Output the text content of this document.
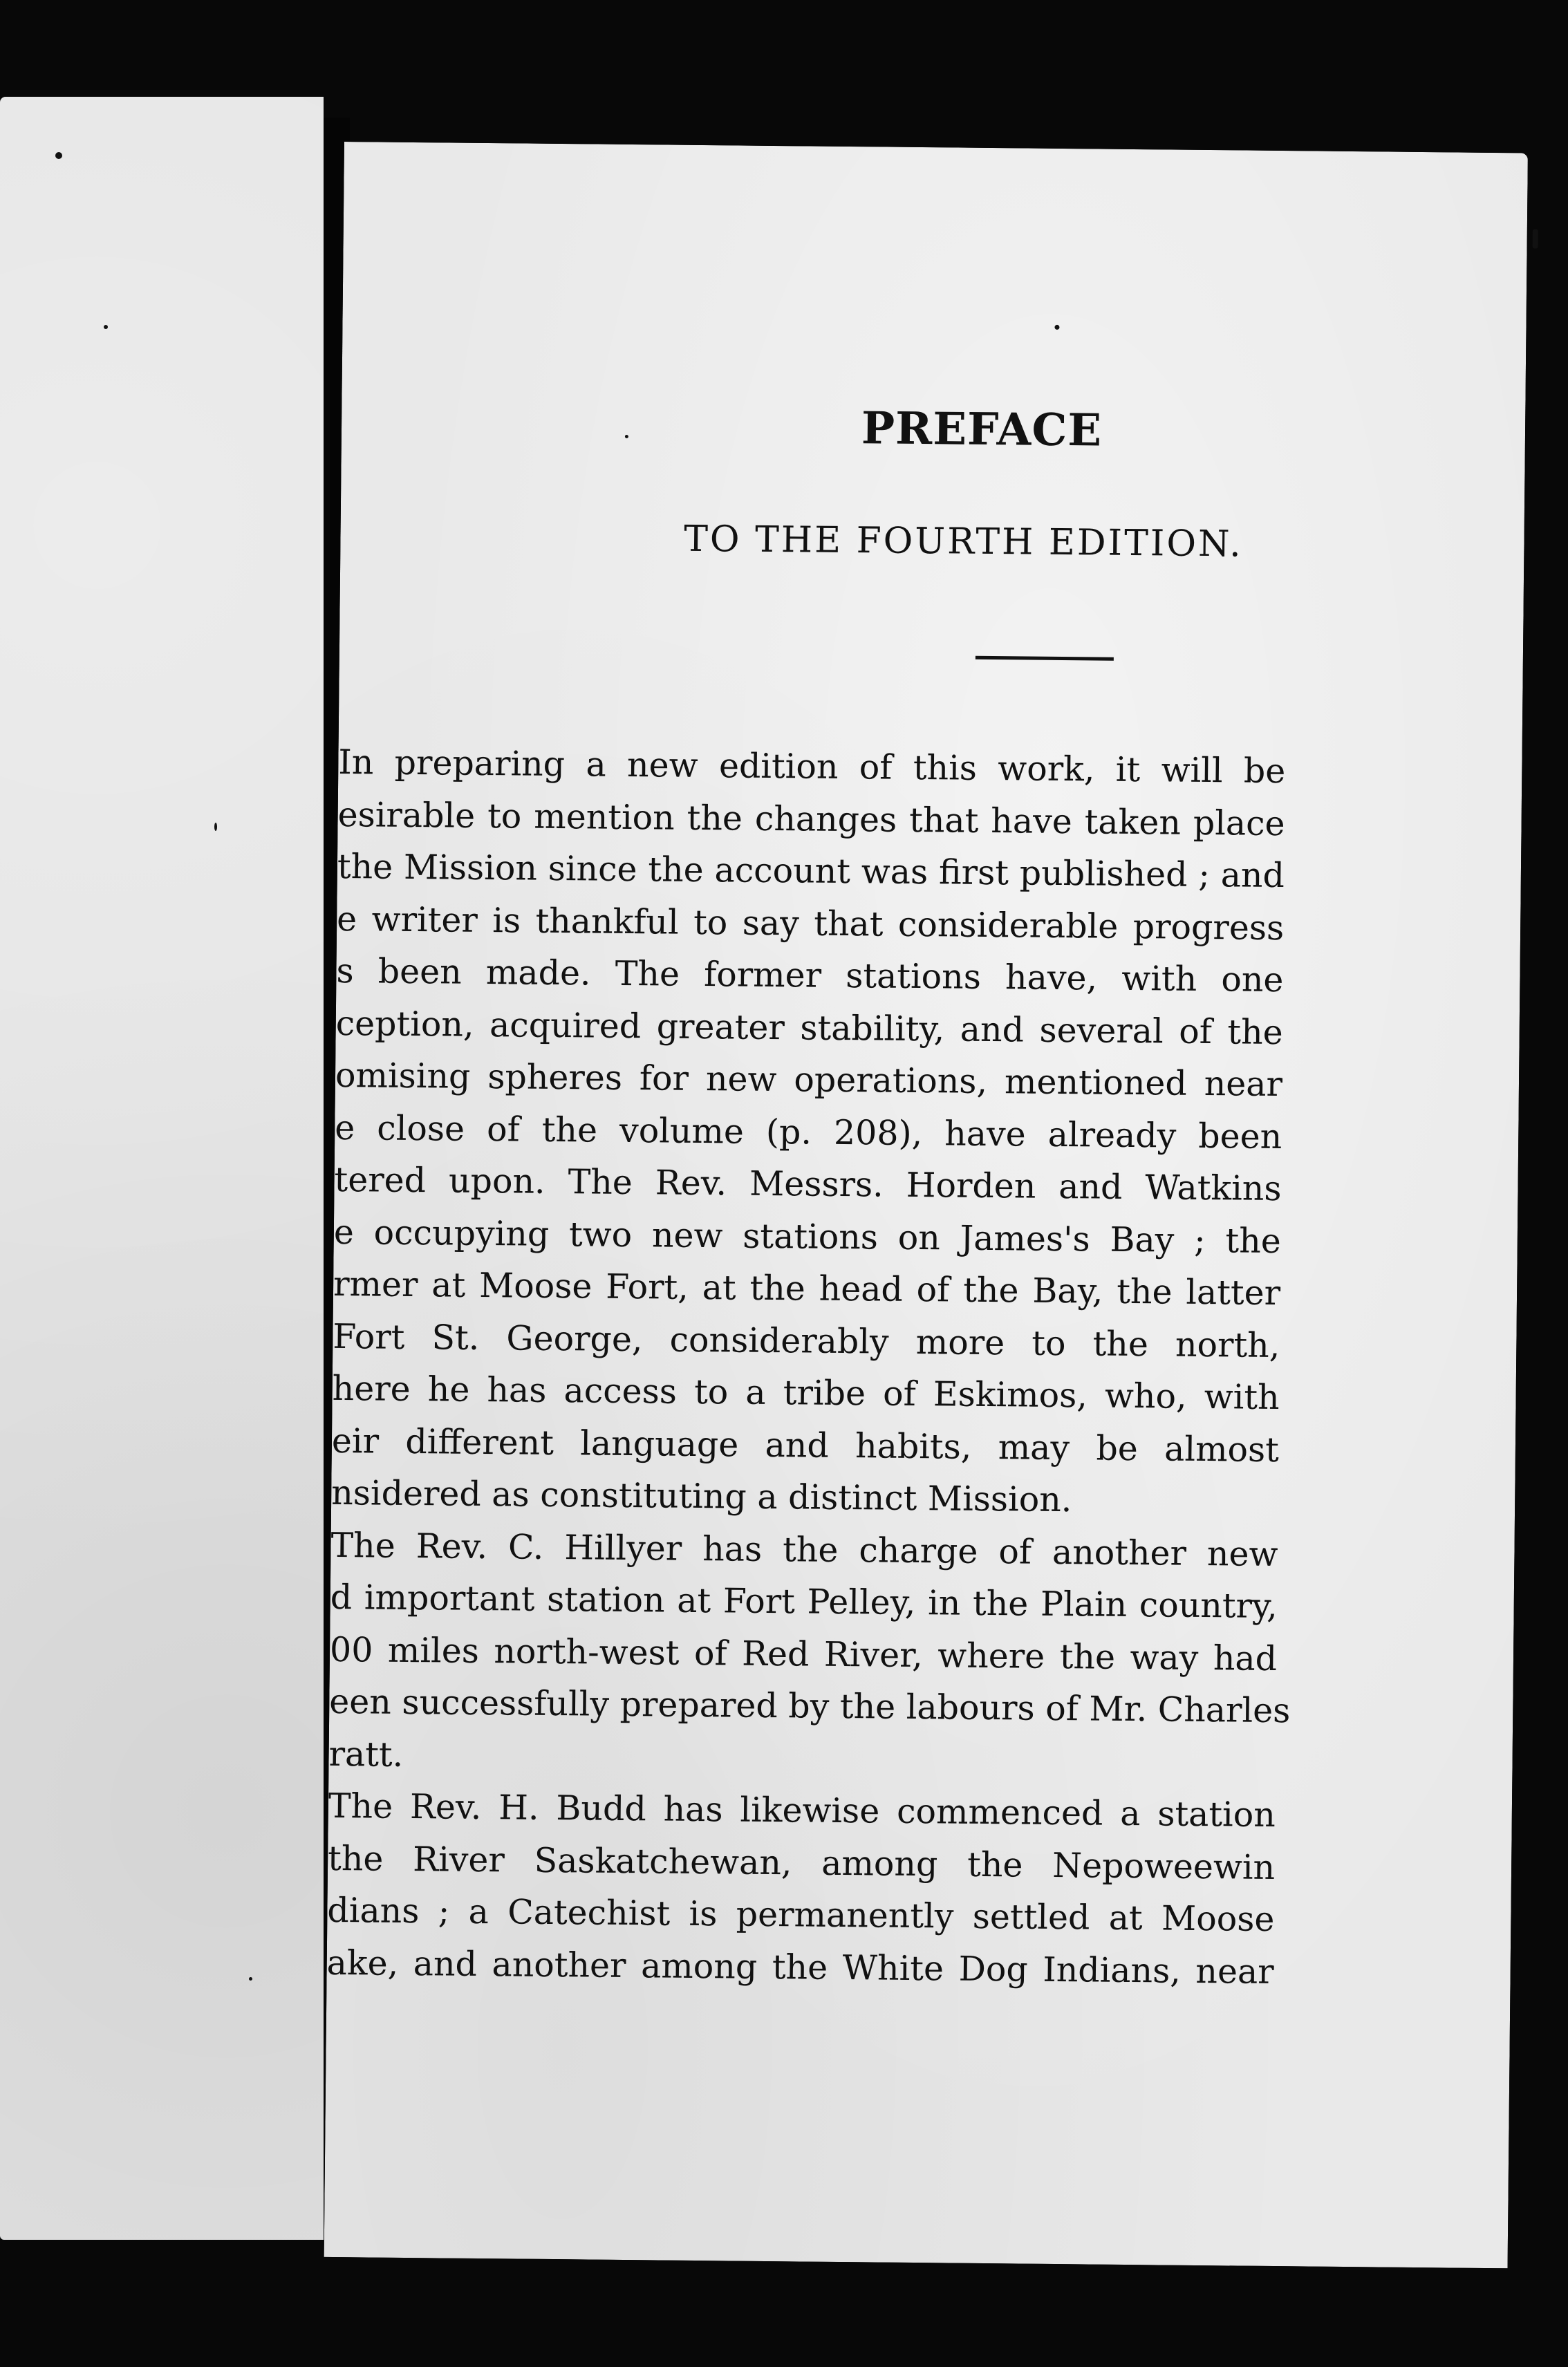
PREFACE
TO THE FOURTH EDITION.
In preparing a new edition of this work, it will be
esirable to mention the changes that have taken place
the Mission since the account was first published ; and
e writer is thankful to say that considerable progress
s been made. The former stations have, with one
ception, acquired greater stability, and several of the
omising spheres for new operations, mentioned near
e close of the volume (p. 208), have already been
tered upon. The Rev. Messrs. Horden and Watkins
e occupying two new stations on James's Bay ; the
rmer at Moose Fort, at the head of the Bay, the latter
Fort St. George, considerably more to the north,
here he has access to a tribe of Eskimos, who, with
eir different language and habits, may be almost
nsidered as constituting a distinct Mission.
The Rev. C. Hillyer has the charge of another new
d important station at Fort Pelley, in the Plain country,
00 miles north-west of Red River, where the way had
een successfully prepared by the labours of Mr. Charles
ratt.
The Rev. H. Budd has likewise commenced a station
the River Saskatchewan, among the Nepoweewin
dians ; a Catechist is permanently settled at Moose
ake, and another among the White Dog Indians, near
